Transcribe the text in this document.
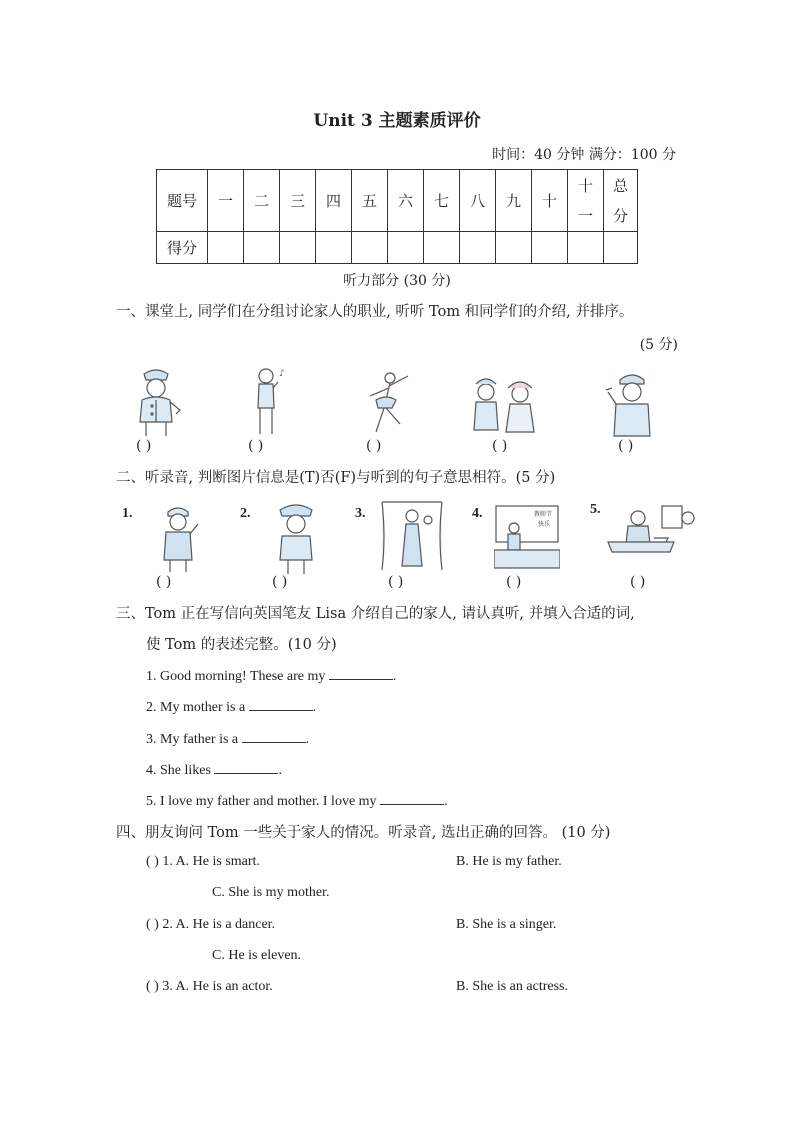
Unit 3 主题素质评价
时间：40 分钟 满分：100 分
题号	一	二	三	四	五	六	七	八	九	十	十一	总分
得分												
听力部分 (30 分)
一、课堂上, 同学们在分组讨论家人的职业, 听听 Tom 和同学们的介绍, 并排序。
(5 分)
♪
( )	( )	( )	( )	( )
二、听录音, 判断图片信息是(T)否(F)与听到的句子意思相符。(5 分)
1.	2.	3.	4.	5.
教师节
快乐
( )	( )	( )	( )	( )
三、Tom 正在写信向英国笔友 Lisa 介绍自己的家人, 请认真听, 并填入合适的词,
使 Tom 的表述完整。(10 分)
1. Good morning! These are my	.
2. My mother is a	.
3. My father is a	.
4. She likes	.
5. I love my father and mother. I love my	.
四、朋友询问 Tom 一些关于家人的情况。听录音, 选出正确的回答。 (10 分)
( ) 1. A. He is smart.	B. He is my father.
C. She is my mother.
( ) 2. A. He is a dancer.	B. She is a singer.
C. He is eleven.
( ) 3. A. He is an actor.	B. She is an actress.
